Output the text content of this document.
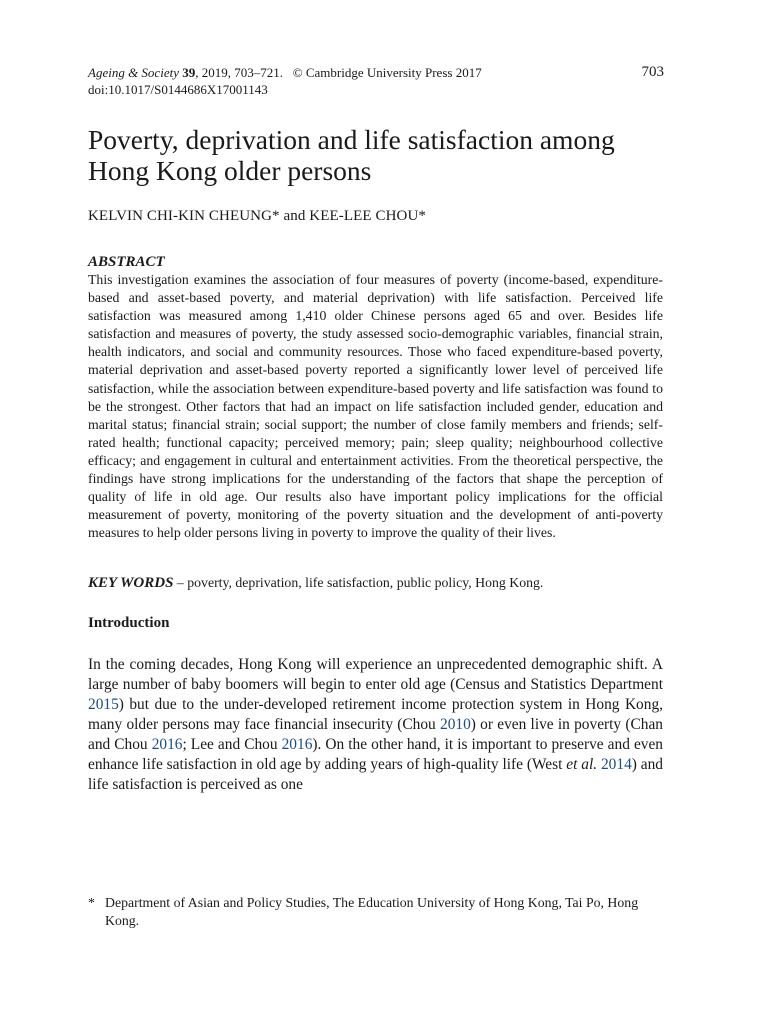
Ageing & Society 39, 2019, 703–721. © Cambridge University Press 2017	703
doi:10.1017/S0144686X17001143
Poverty, deprivation and life satisfaction among Hong Kong older persons
KELVIN CHI-KIN CHEUNG* and KEE-LEE CHOU*
ABSTRACT

This investigation examines the association of four measures of poverty (income-based, expenditure-based and asset-based poverty, and material deprivation) with life satisfaction. Perceived life satisfaction was measured among 1,410 older Chinese persons aged 65 and over. Besides life satisfaction and measures of poverty, the study assessed socio-demographic variables, financial strain, health indicators, and social and community resources. Those who faced expenditure-based poverty, material deprivation and asset-based poverty reported a significantly lower level of perceived life satisfaction, while the association between expenditure-based poverty and life satisfaction was found to be the strongest. Other factors that had an impact on life satisfaction included gender, education and marital status; financial strain; social support; the number of close family members and friends; self-rated health; functional capacity; perceived memory; pain; sleep quality; neighbourhood collective efficacy; and engagement in cultural and entertainment activities. From the theoretical perspective, the findings have strong implications for the understanding of the factors that shape the perception of quality of life in old age. Our results also have important policy implications for the official measurement of poverty, monitoring of the poverty situation and the development of anti-poverty measures to help older persons living in poverty to improve the quality of their lives.

KEY WORDS – poverty, deprivation, life satisfaction, public policy, Hong Kong.
Introduction

In the coming decades, Hong Kong will experience an unprecedented demographic shift. A large number of baby boomers will begin to enter old age (Census and Statistics Department 2015) but due to the under-developed retirement income protection system in Hong Kong, many older persons may face financial insecurity (Chou 2010) or even live in poverty (Chan and Chou 2016; Lee and Chou 2016). On the other hand, it is important to preserve and even enhance life satisfaction in old age by adding years of high-quality life (West et al. 2014) and life satisfaction is perceived as one

* Department of Asian and Policy Studies, The Education University of Hong Kong, Tai Po, Hong Kong.
